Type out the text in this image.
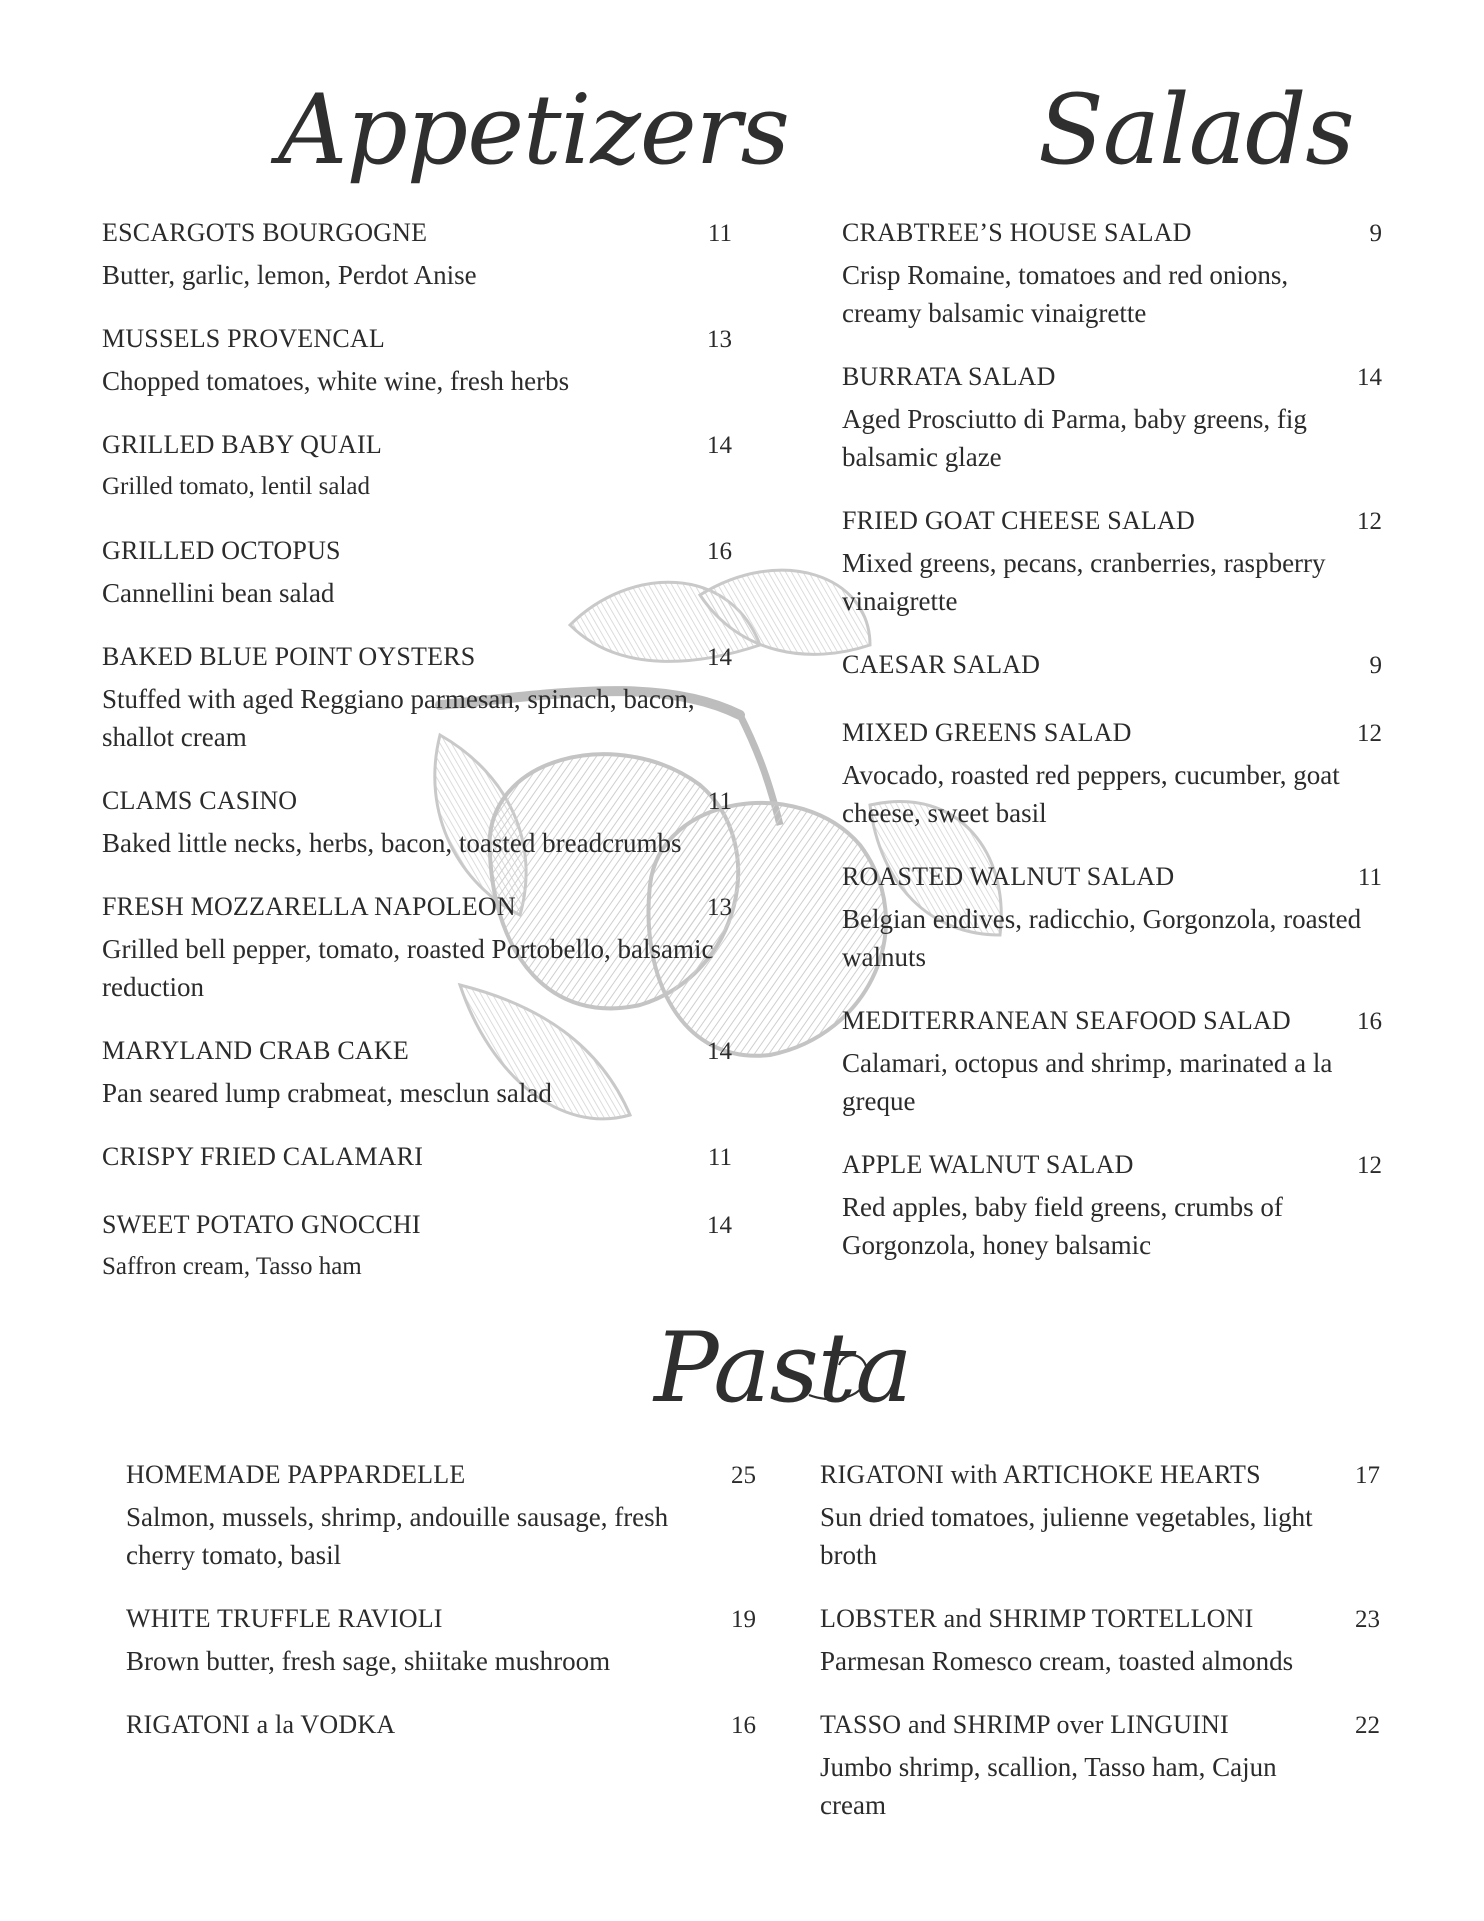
Appetizers	Salads
Pasta
ESCARGOTS BOURGOGNE	11

Butter, garlic, lemon, Perdot Anise

MUSSELS PROVENCAL	13

Chopped tomatoes, white wine, fresh herbs

GRILLED BABY QUAIL	14

Grilled tomato, lentil salad

GRILLED OCTOPUS	16

Cannellini bean salad

BAKED BLUE POINT OYSTERS	14

Stuffed with aged Reggiano parmesan, spinach, bacon, shallot cream

CLAMS CASINO	11

Baked little necks, herbs, bacon, toasted breadcrumbs

FRESH MOZZARELLA NAPOLEON	13

Grilled bell pepper, tomato, roasted Portobello, balsamic reduction

MARYLAND CRAB CAKE	14

Pan seared lump crabmeat, mesclun salad

CRISPY FRIED CALAMARI	11
SWEET POTATO GNOCCHI	14

Saffron cream, Tasso ham

CRABTREE’S HOUSE SALAD	9

Crisp Romaine, tomatoes and red onions, creamy balsamic vinaigrette

BURRATA SALAD	14

Aged Prosciutto di Parma, baby greens, fig balsamic glaze

FRIED GOAT CHEESE SALAD	12

Mixed greens, pecans, cranberries, raspberry vinaigrette

CAESAR SALAD	9
MIXED GREENS SALAD	12

Avocado, roasted red peppers, cucumber, goat cheese, sweet basil

ROASTED WALNUT SALAD	11

Belgian endives, radicchio, Gorgonzola, roasted walnuts

MEDITERRANEAN SEAFOOD SALAD	16

Calamari, octopus and shrimp, marinated a la greque

APPLE WALNUT SALAD	12

Red apples, baby field greens, crumbs of Gorgonzola, honey balsamic

HOMEMADE PAPPARDELLE	25

Salmon, mussels, shrimp, andouille sausage, fresh cherry tomato, basil

WHITE TRUFFLE RAVIOLI	19

Brown butter, fresh sage, shiitake mushroom

RIGATONI a la VODKA	16
RIGATONI with ARTICHOKE HEARTS	17

Sun dried tomatoes, julienne vegetables, light broth

LOBSTER and SHRIMP TORTELLONI	23

Parmesan Romesco cream, toasted almonds

TASSO and SHRIMP over LINGUINI	22

Jumbo shrimp, scallion, Tasso ham, Cajun cream
